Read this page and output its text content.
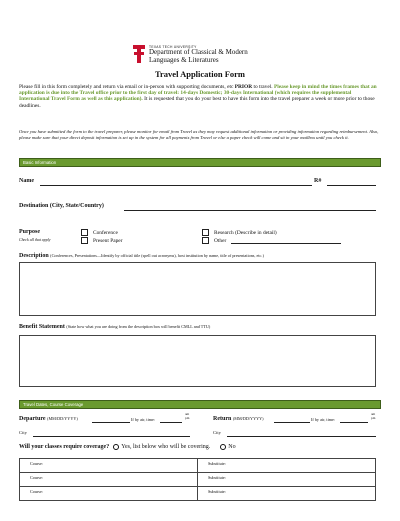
TEXAS TECH UNIVERSITY
Department of Classical & Modern
Languages & Literatures
Travel Application Form

Please fill in this form completely and return via email or in-person with supporting documents, etc PRIOR to travel. Please keep in mind the times frames that an application is due into the Travel office prior to the first day of travel: 14-days Domestic; 30-days International (which requires the supplemental International Travel Form as well as this application). It is requested that you do your best to have this form into the travel preparer a week or more prior to those deadlines.

Once you have submitted the form to the travel preparer, please monitor for email from Travel as they may request additional information or providing information regarding reimbursement. Also, please make sure that your direct deposit information is set up in the system for all payments from Travel or else a paper check will come and sit in your mailbox until you check it.

Basic Information
Name	R#
Destination (City, State/Country)
Purpose
Check all that apply
Conference
Present Paper
Research (Describe in detail)
Other
Description (Conferences, Presentations—Identify by official title (spell out acronyms), host institution by name, title of presentations, etc.)
Benefit Statement (State how what you are doing from the description box will benefit CMLL and TTU)
Travel Dates, Course Coverage
Departure (MM/DD/YYYY)	If by air, time:
am
pm	Return (MM/DD/YYYY)	If by air, time:
am
pm
City	City
Will your classes require coverage? Yes, list below who will be covering.	No
Course:	Substitute:
Course:	Substitute:
Course:	Substitute:
